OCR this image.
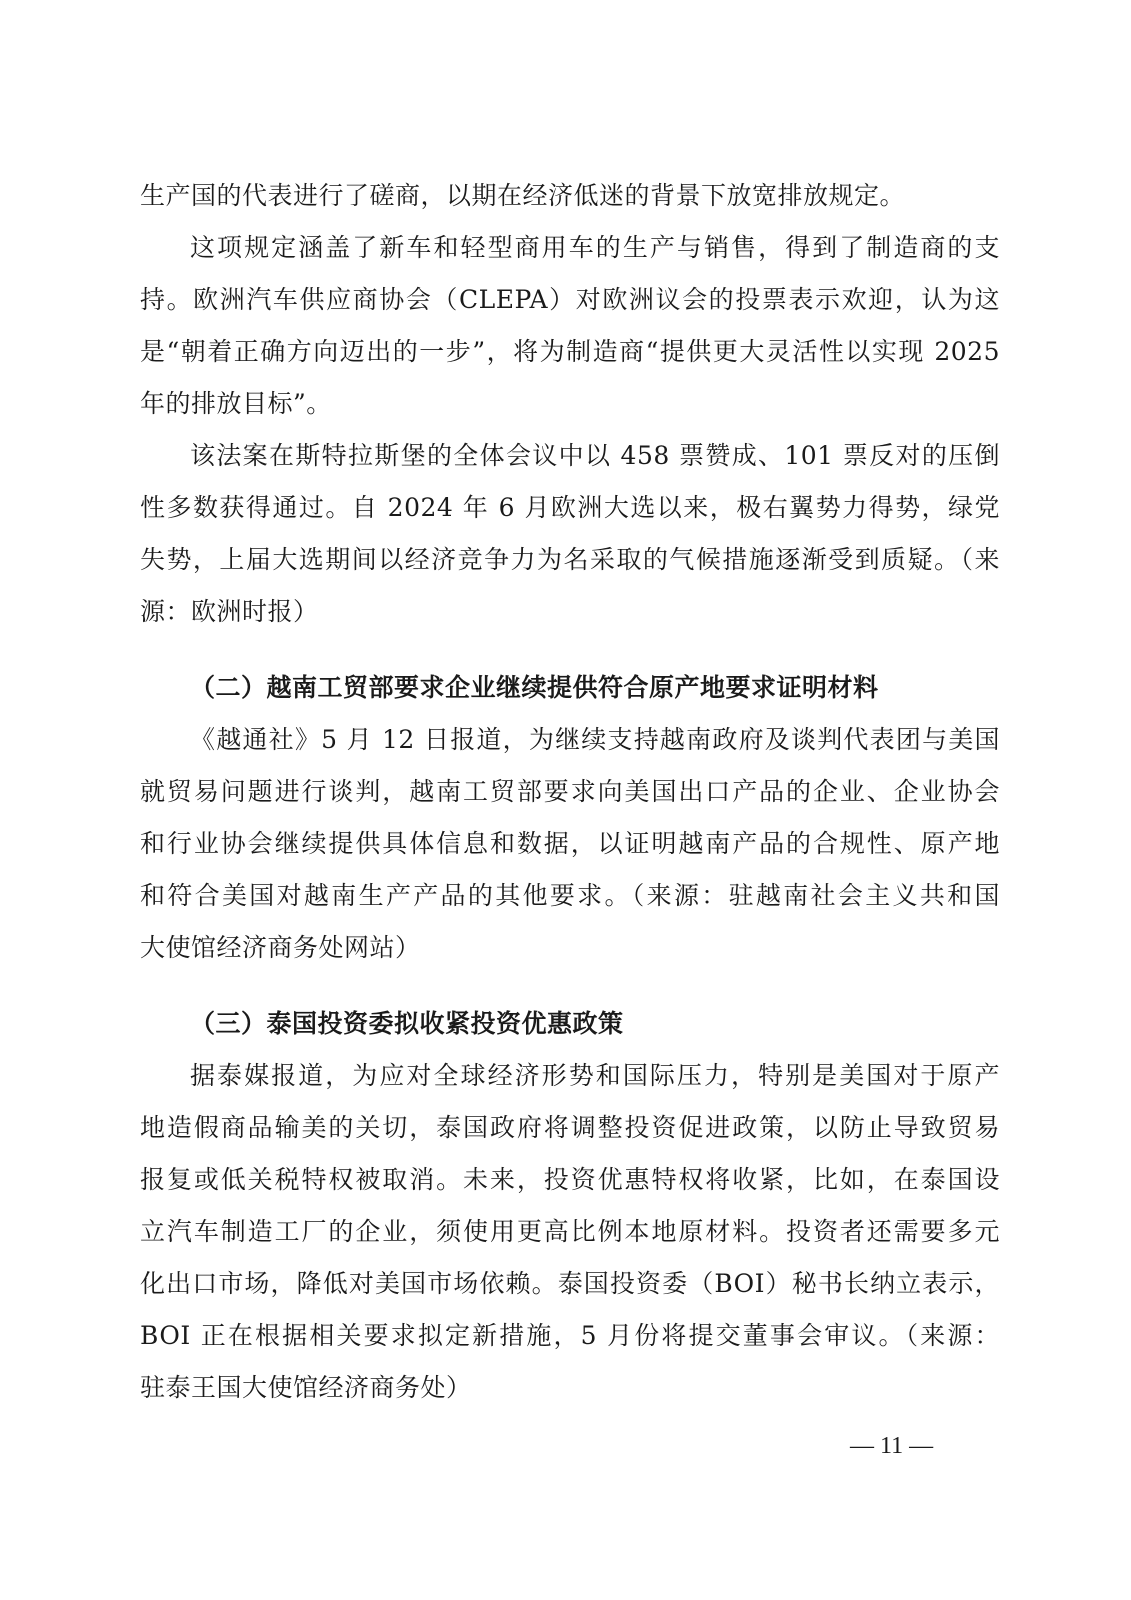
生产国的代表进行了磋商，以期在经济低迷的背景下放宽排放规定。
这项规定涵盖了新车和轻型商用车的生产与销售，得到了制造商的支
持。欧洲汽车供应商协会（CLEPA）对欧洲议会的投票表示欢迎，认为这
是“朝着正确方向迈出的一步”，将为制造商“提供更大灵活性以实现 2025
年的排放目标”。
该法案在斯特拉斯堡的全体会议中以 458 票赞成、101 票反对的压倒
性多数获得通过。自 2024 年 6 月欧洲大选以来，极右翼势力得势，绿党
失势，上届大选期间以经济竞争力为名采取的气候措施逐渐受到质疑。（来
源：欧洲时报）
（二）越南工贸部要求企业继续提供符合原产地要求证明材料
《越通社》5 月 12 日报道，为继续支持越南政府及谈判代表团与美国
就贸易问题进行谈判，越南工贸部要求向美国出口产品的企业、企业协会
和行业协会继续提供具体信息和数据，以证明越南产品的合规性、原产地
和符合美国对越南生产产品的其他要求。（来源：驻越南社会主义共和国
大使馆经济商务处网站）
（三）泰国投资委拟收紧投资优惠政策
据泰媒报道，为应对全球经济形势和国际压力，特别是美国对于原产
地造假商品输美的关切，泰国政府将调整投资促进政策，以防止导致贸易
报复或低关税特权被取消。未来，投资优惠特权将收紧，比如，在泰国设
立汽车制造工厂的企业，须使用更高比例本地原材料。投资者还需要多元
化出口市场，降低对美国市场依赖。泰国投资委（BOI）秘书长纳立表示，
BOI 正在根据相关要求拟定新措施，5 月份将提交董事会审议。（来源：
驻泰王国大使馆经济商务处）
— 11 —
